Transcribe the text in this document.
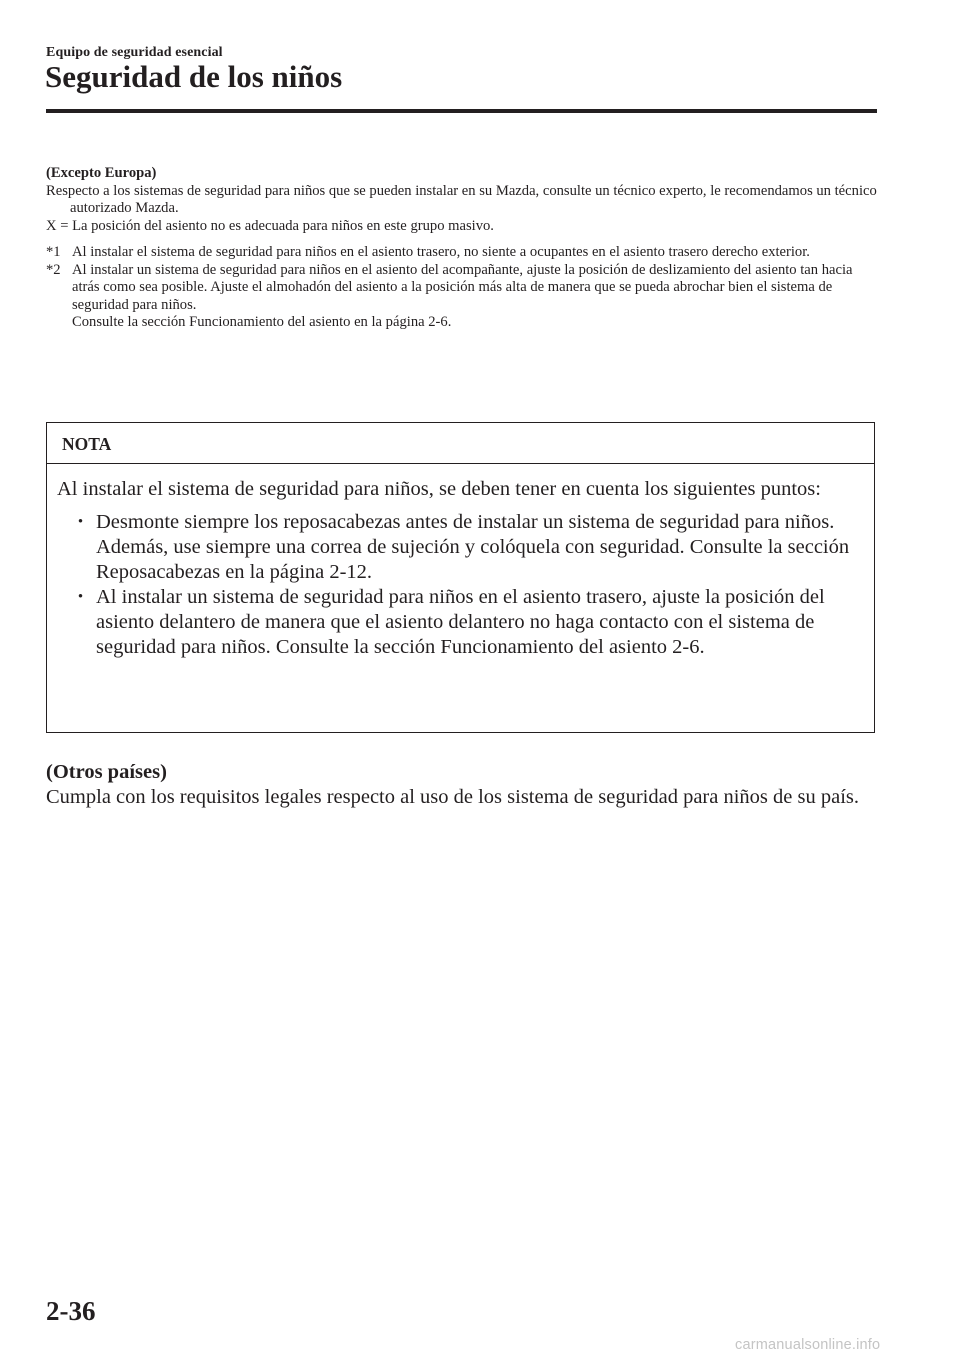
Equipo de seguridad esencial
Seguridad de los niños

(Excepto Europa)

Respecto a los sistemas de seguridad para niños que se pueden instalar en su Mazda, consulte un técnico experto, le recomendamos un técnico autorizado Mazda.

X = La posición del asiento no es adecuada para niños en este grupo masivo.

*1 Al instalar el sistema de seguridad para niños en el asiento trasero, no siente a ocupantes en el asiento trasero derecho exterior.

*2 Al instalar un sistema de seguridad para niños en el asiento del acompañante, ajuste la posición de deslizamiento del asiento tan hacia atrás como sea posible. Ajuste el almohadón del asiento a la posición más alta de manera que se pueda abrochar bien el sistema de seguridad para niños.

Consulte la sección Funcionamiento del asiento en la página 2-6.

NOTA

Al instalar el sistema de seguridad para niños, se deben tener en cuenta los siguientes puntos:

• Desmonte siempre los reposacabezas antes de instalar un sistema de seguridad para niños. Además, use siempre una correa de sujeción y colóquela con seguridad. Consulte la sección Reposacabezas en la página 2-12.
• Al instalar un sistema de seguridad para niños en el asiento trasero, ajuste la posición del asiento delantero de manera que el asiento delantero no haga contacto con el sistema de seguridad para niños. Consulte la sección Funcionamiento del asiento 2-6.

(Otros países)

Cumpla con los requisitos legales respecto al uso de los sistema de seguridad para niños de su país.

2-36
carmanualsonline.info
